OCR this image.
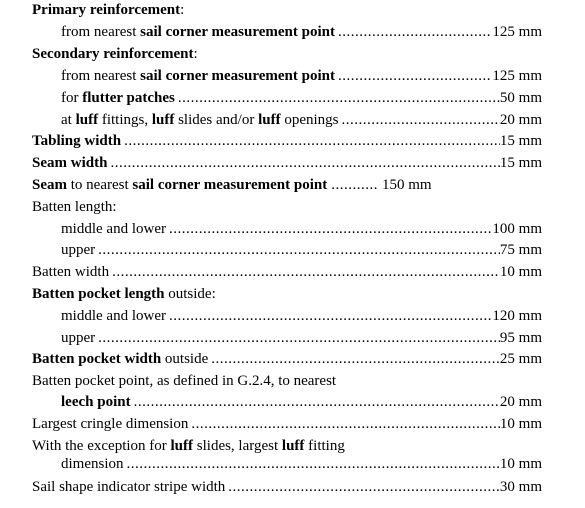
Primary reinforcement:
from nearest sail corner measurement point .....	125 mm
Secondary reinforcement:
from nearest sail corner measurement point .....	125 mm
for flutter patches .....	50 mm
at luff fittings, luff slides and/or luff openings .....	20 mm
Tabling width .....	15 mm
Seam width .....	15 mm
Seam to nearest sail corner measurement point ........... 150 mm
Batten length:
middle and lower .....	100 mm
upper .....	75 mm
Batten width .....	10 mm
Batten pocket length outside:
middle and lower .....	120 mm
upper .....	95 mm
Batten pocket width outside .....	25 mm
Batten pocket point, as defined in G.2.4, to nearest
leech point .....	20 mm
Largest cringle dimension .....	10 mm
With the exception for luff slides, largest luff fitting
dimension .....	10 mm
Sail shape indicator stripe width .....	30 mm
